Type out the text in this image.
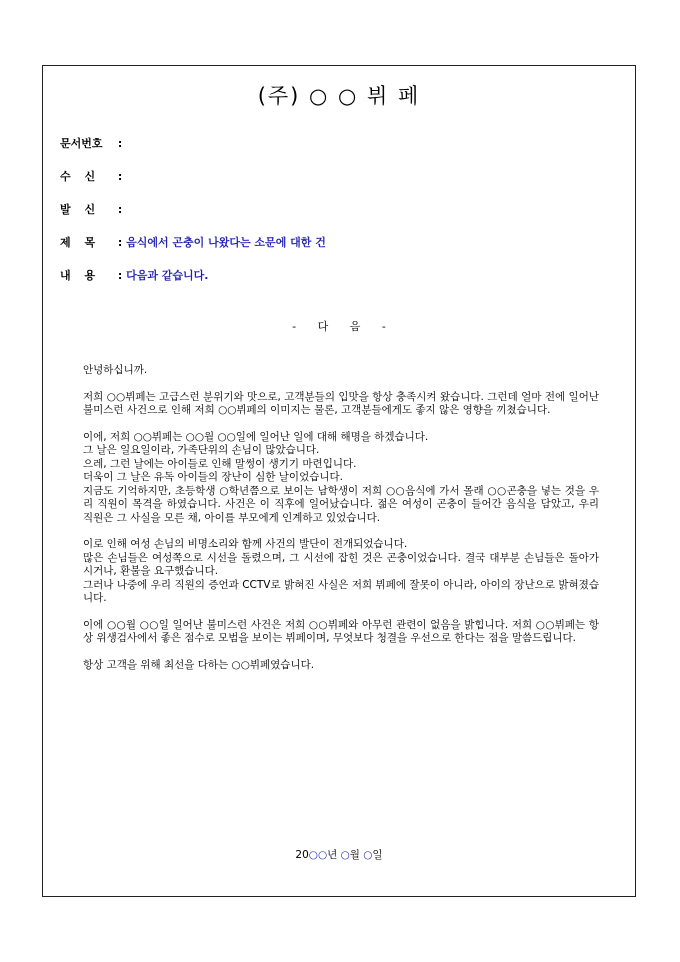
(주) ○ ○ 뷔 페
문서번호 :
수 신 :
발 신 :
제 목 : 음식에서 곤충이 나왔다는 소문에 대한 건
내 용 : 다음과 같습니다.
- 다 음 -

안녕하십니까.

저희 ○○뷔페는 고급스런 분위기와 맛으로, 고객분들의 입맛을 항상 충족시켜 왔습니다. 그런데 얼마 전에 일어난 불미스런 사건으로 인해 저희 ○○뷔페의 이미지는 물론, 고객분들에게도 좋지 않은 영향을 끼쳤습니다.

이에, 저희 ○○뷔페는 ○○월 ○○일에 일어난 일에 대해 해명을 하겠습니다.
그 날은 일요일이라, 가족단위의 손님이 많았습니다.
으레, 그런 날에는 아이들로 인해 말썽이 생기기 마련입니다.
더욱이 그 날은 유독 아이들의 장난이 심한 날이었습니다.
지금도 기억하지만, 초등학생 ○학년쯤으로 보이는 남학생이 저희 ○○음식에 가서 몰래 ○○곤충을 넣는 것을 우리 직원이 목격을 하였습니다. 사건은 이 직후에 일어났습니다. 젊은 여성이 곤충이 들어간 음식을 담았고, 우리 직원은 그 사실을 모른 채, 아이를 부모에게 인계하고 있었습니다.

이로 인해 여성 손님의 비명소리와 함께 사건의 발단이 전개되었습니다.
많은 손님들은 여성쪽으로 시선을 돌렸으며, 그 시선에 잡힌 것은 곤충이었습니다. 결국 대부분 손님들은 돌아가시거나, 환불을 요구했습니다.
그러나 나중에 우리 직원의 증언과 CCTV로 밝혀진 사실은 저희 뷔페에 잘못이 아니라, 아이의 장난으로 밝혀졌습니다.

이에 ○○월 ○○일 일어난 불미스런 사건은 저희 ○○뷔페와 아무런 관련이 없음을 밝힙니다. 저희 ○○뷔페는 항상 위생검사에서 좋은 점수로 모범을 보이는 뷔페이며, 무엇보다 청결을 우선으로 한다는 점을 말씀드립니다.

항상 고객을 위해 최선을 다하는 ○○뷔페였습니다.

20○○년 ○월 ○일
